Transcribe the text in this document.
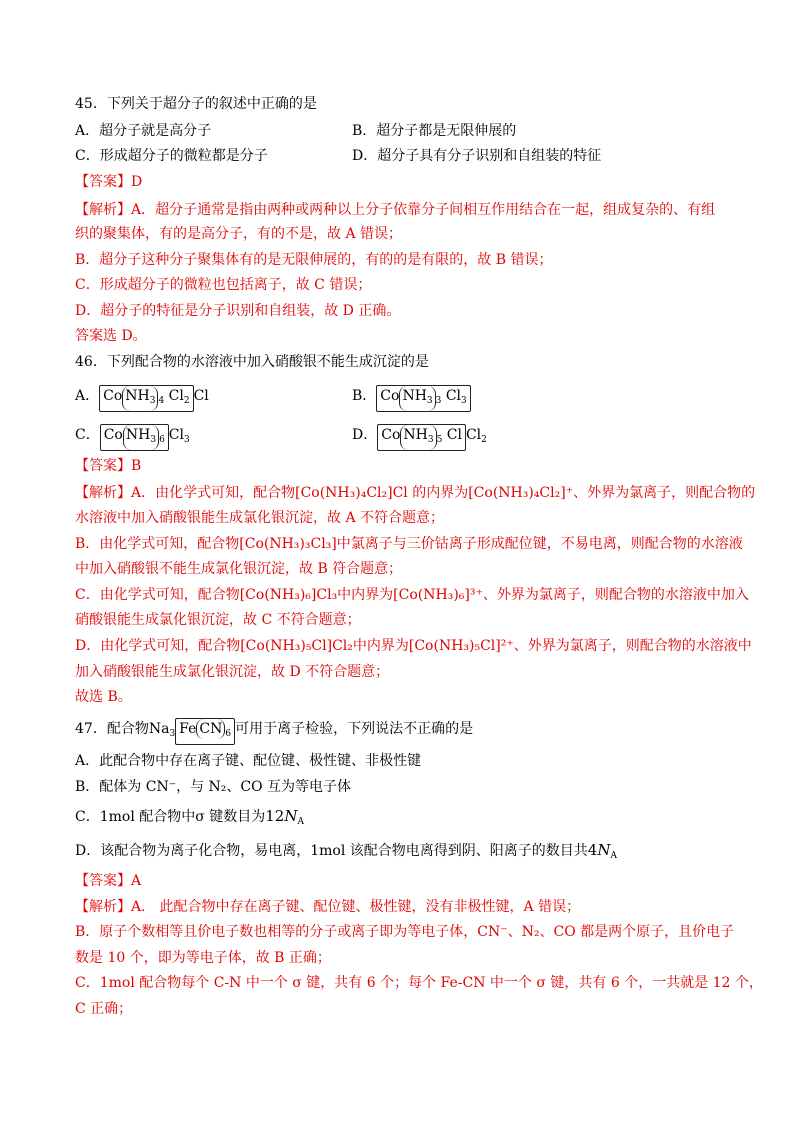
45．下列关于超分子的叙述中正确的是
A．超分子就是高分子	B．超分子都是无限伸展的
C．形成超分子的微粒都是分子	D．超分子具有分子识别和自组装的特征
【答案】D
【解析】A．超分子通常是指由两种或两种以上分子依靠分子间相互作用结合在一起，组成复杂的、有组
织的聚集体，有的是高分子，有的不是，故 A 错误；
B．超分子这种分子聚集体有的是无限伸展的，有的的是有限的，故 B 错误；
C．形成超分子的微粒也包括离子，故 C 错误；
D．超分子的特征是分子识别和自组装，故 D 正确。
答案选 D。
46．下列配合物的水溶液中加入硝酸银不能生成沉淀的是
A． Co $NH_3$ $_4$ $Cl_2$ Cl	B． Co $NH_3$ $_3$ $Cl_3$
C． Co $NH_3$ $_6$ $Cl_3$	D． Co $NH_3$ $_5$ Cl $Cl_2$
【答案】B
【解析】A．由化学式可知，配合物[Co(NH₃)₄Cl₂]Cl 的内界为[Co(NH₃)₄Cl₂]⁺、外界为氯离子，则配合物的
水溶液中加入硝酸银能生成氯化银沉淀，故 A 不符合题意；
B．由化学式可知，配合物[Co(NH₃)₃Cl₃]中氯离子与三价钴离子形成配位键，不易电离，则配合物的水溶液
中加入硝酸银不能生成氯化银沉淀，故 B 符合题意；
C．由化学式可知，配合物[Co(NH₃)₆]Cl₃中内界为[Co(NH₃)₆]³⁺、外界为氯离子，则配合物的水溶液中加入
硝酸银能生成氯化银沉淀，故 C 不符合题意；
D．由化学式可知，配合物[Co(NH₃)₅Cl]Cl₂中内界为[Co(NH₃)₅Cl]²⁺、外界为氯离子，则配合物的水溶液中
加入硝酸银能生成氯化银沉淀，故 D 不符合题意；
故选 B。
47．配合物$Na_3$ Fe CN $_6$ 可用于离子检验，下列说法不正确的是
A．此配合物中存在离子键、配位键、极性键、非极性键
B．配体为 CN⁻，与 N₂、CO 互为等电子体
C．1mol 配合物中σ 键数目为$12N_A$
D．该配合物为离子化合物，易电离，1mol 该配合物电离得到阴、阳离子的数目共$4N_A$
【答案】A
【解析】A． 此配合物中存在离子键、配位键、极性键，没有非极性键，A 错误；
B．原子个数相等且价电子数也相等的分子或离子即为等电子体，CN⁻、N₂、CO 都是两个原子，且价电子
数是 10 个，即为等电子体，故 B 正确；
C．1mol 配合物每个 C-N 中一个 σ 键，共有 6 个；每个 Fe-CN 中一个 σ 键，共有 6 个，一共就是 12 个，
C 正确；
